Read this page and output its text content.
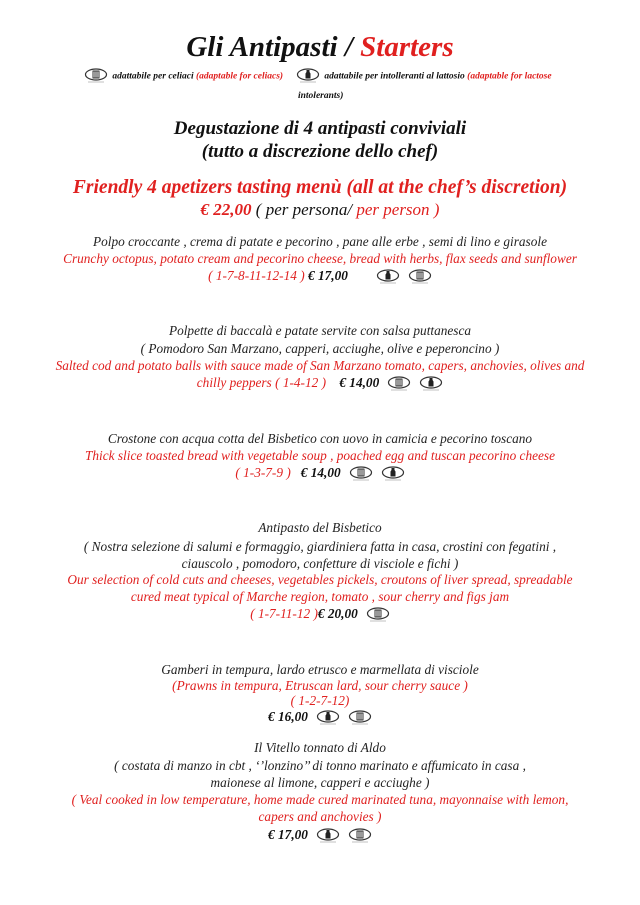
Gli Antipasti / Starters
adattabile per celiaci (adaptable for celiacs)	adattabile per intolleranti al lattosio (adaptable for lactose
intolerants)
Degustazione di 4 antipasti conviviali
(tutto a discrezione dello chef)
Friendly 4 apetizers tasting menù (all at the chef’s discretion)
€ 22,00 ( per persona/ per person )
Polpo croccante , crema di patate e pecorino , pane alle erbe , semi di lino e girasole
Crunchy octopus, potato cream and pecorino cheese, bread with herbs, flax seeds and sunflower
( 1-7-8-11-12-14 ) € 17,00
Polpette di baccalà e patate servite con salsa puttanesca
( Pomodoro San Marzano, capperi, acciughe, olive e peperoncino )
Salted cod and potato balls with sauce made of San Marzano tomato, capers, anchovies, olives and
chilly peppers ( 1-4-12 ) € 14,00
Crostone con acqua cotta del Bisbetico con uovo in camicia e pecorino toscano
Thick slice toasted bread with vegetable soup , poached egg and tuscan pecorino cheese
( 1-3-7-9 ) € 14,00
Antipasto del Bisbetico
( Nostra selezione di salumi e formaggio, giardiniera fatta in casa, crostini con fegatini ,
ciauscolo , pomodoro, confetture di visciole e fichi )
Our selection of cold cuts and cheeses, vegetables pickels, croutons of liver spread, spreadable
cured meat typical of Marche region, tomato , sour cherry and figs jam
( 1-7-11-12 )€ 20,00
Gamberi in tempura, lardo etrusco e marmellata di visciole
(Prawns in tempura, Etruscan lard, sour cherry sauce )
( 1-2-7-12)
€ 16,00
Il Vitello tonnato di Aldo
( costata di manzo in cbt , ‘’lonzino’’ di tonno marinato e affumicato in casa ,
maionese al limone, capperi e acciughe )
( Veal cooked in low temperature, home made cured marinated tuna, mayonnaise with lemon,
capers and anchovies )
€ 17,00
